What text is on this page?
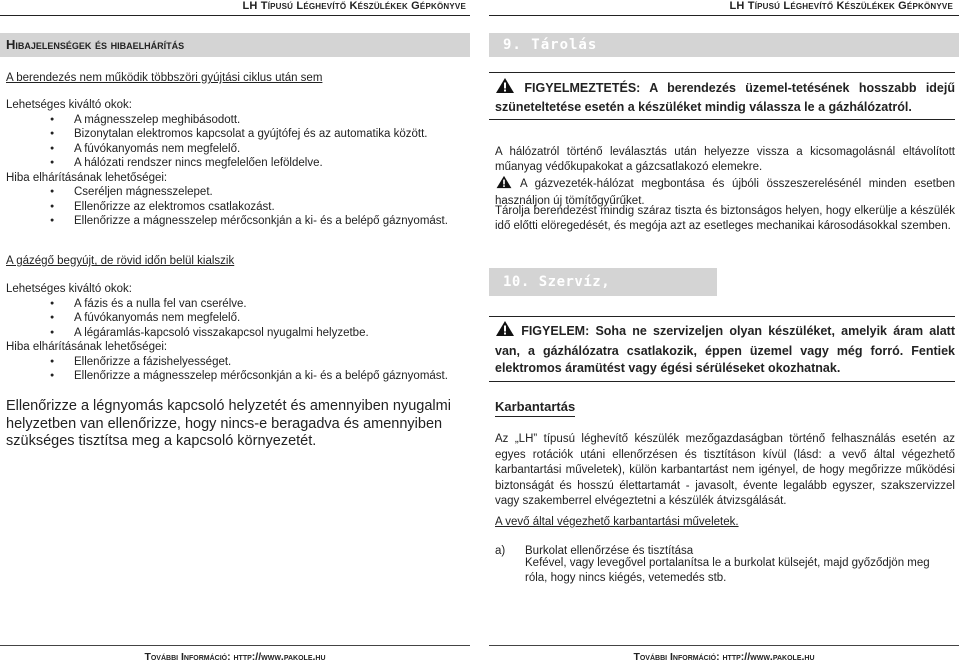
LH Típusú Léghevítő Készülékek Gépkönyve
Hibajelenségek és hibaelhárítás
A berendezés nem működik többszöri gyújtási ciklus után sem
Lehetséges kiváltó okok:
● A mágnesszelep meghibásodott.
● Bizonytalan elektromos kapcsolat a gyújtófej és az automatika között.
● A fúvókanyomás nem megfelelő.
● A hálózati rendszer nincs megfelelően leföldelve.
Hiba elhárításának lehetőségei:
● Cseréljen mágnesszelepet.
● Ellenőrizze az elektromos csatlakozást.
● Ellenőrizze a mágnesszelep mérőcsonkján a ki- és a belépő gáznyomást.
A gázégő begyújt, de rövid időn belül kialszik
Lehetséges kiváltó okok:
● A fázis és a nulla fel van cserélve.
● A fúvókanyomás nem megfelelő.
● A légáramlás-kapcsoló visszakapcsol nyugalmi helyzetbe.
Hiba elhárításának lehetőségei:
● Ellenőrizze a fázishelyességet.
● Ellenőrizze a mágnesszelep mérőcsonkján a ki- és a belépő gáznyomást.
Ellenőrizze a légnyomás kapcsoló helyzetét és amennyiben nyugalmi helyzetben van ellenőrizze, hogy nincs-e beragadva és amennyiben szükséges tisztítsa meg a kapcsoló környezetét.
További Információ: http://www.pakole.hu
LH Típusú Léghevítő Készülékek Gépkönyve
9. Tárolás
FIGYELMEZTETÉS: A berendezés üzemel-tetésének hosszabb idejű szüneteltetése esetén a készüléket mindig válassza le a gázhálózatról.
A hálózatról történő leválasztás után helyezze vissza a kicsomagolásnál eltávolított műanyag védőkupakokat a gázcsatlakozó elemekre.
A gázvezeték-hálózat megbontása és újbóli összeszerelésénél minden esetben használjon új tömítőgyűrűket.
Tárolja berendezést mindig száraz tiszta és biztonságos helyen, hogy elkerülje a készülék idő előtti elöregedését, és megója azt az esetleges mechanikai károsodásokkal szemben.
10. Szervíz, Karbantartás
FIGYELEM: Soha ne szervizeljen olyan készüléket, amelyik áram alatt van, a gázhálózatra csatlakozik, éppen üzemel vagy még forró. Fentiek elektromos áramütést vagy égési sérüléseket okozhatnak.
Karbantartás
Az „LH” típusú léghevítő készülék mezőgazdaságban történő felhasználás esetén az egyes rotációk utáni ellenőrzésen és tisztításon kívül (lásd: a vevő által végezhető karbantartási műveletek), külön karbantartást nem igényel, de hogy megőrizze működési biztonságát és hosszú élettartamát - javasolt, évente legalább egyszer, szakszervizzel vagy szakemberrel elvégeztetni a készülék átvizsgálását.
A vevő által végezhető karbantartási műveletek.
a)	Burkolat ellenőrzése és tisztítása
Kefével, vagy levegővel portalanítsa le a burkolat külsejét, majd győződjön meg róla, hogy nincs kiégés, vetemedés stb.
További Információ: http://www.pakole.hu
